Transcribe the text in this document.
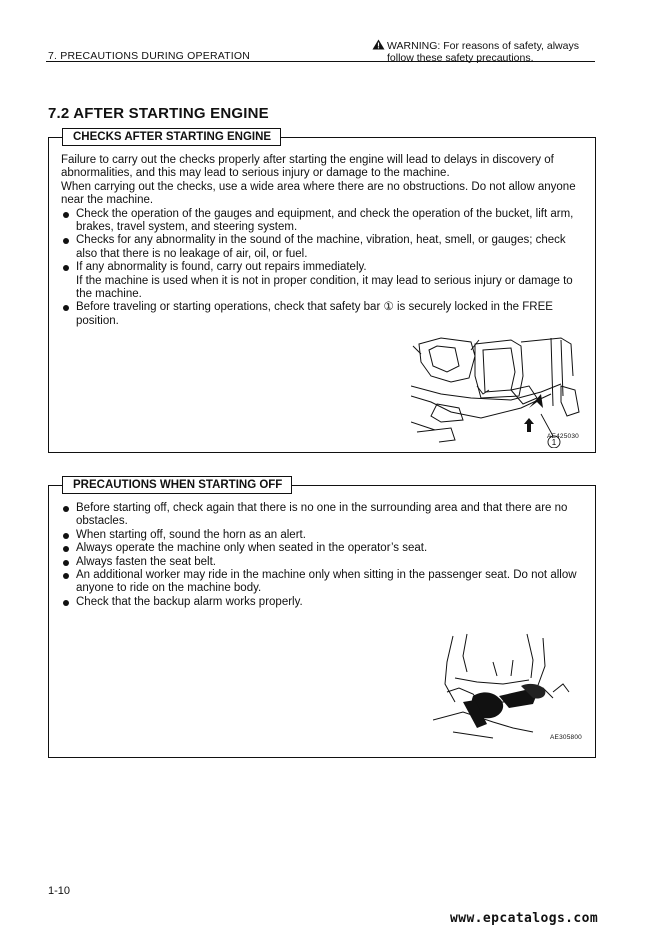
7. PRECAUTIONS DURING OPERATION
WARNING: For reasons of safety, always
follow these safety precautions.
7.2 AFTER STARTING ENGINE
CHECKS AFTER STARTING ENGINE

Failure to carry out the checks properly after starting the engine will lead to delays in discovery of abnormalities, and this may lead to serious injury or damage to the machine.

When carrying out the checks, use a wide area where there are no obstructions. Do not allow anyone near the machine.

Check the operation of the gauges and equipment, and check the operation of the bucket, lift arm, brakes, travel system, and steering system.
Checks for any abnormality in the sound of the machine, vibration, heat, smell, or gauges; check also that there is no leakage of air, oil, or fuel.
If any abnormality is found, carry out repairs immediately.
If the machine is used when it is not in proper condition, it may lead to serious injury or damage to the machine.
Before traveling or starting operations, check that safety bar ① is securely locked in the FREE position.
1
AE425030
PRECAUTIONS WHEN STARTING OFF
Before starting off, check again that there is no one in the surrounding area and that there are no obstacles.
When starting off, sound the horn as an alert.
Always operate the machine only when seated in the operator’s seat.
Always fasten the seat belt.
An additional worker may ride in the machine only when sitting in the passenger seat. Do not allow anyone to ride on the machine body.
Check that the backup alarm works properly.
AE305800
1-10
www.epcatalogs.com
